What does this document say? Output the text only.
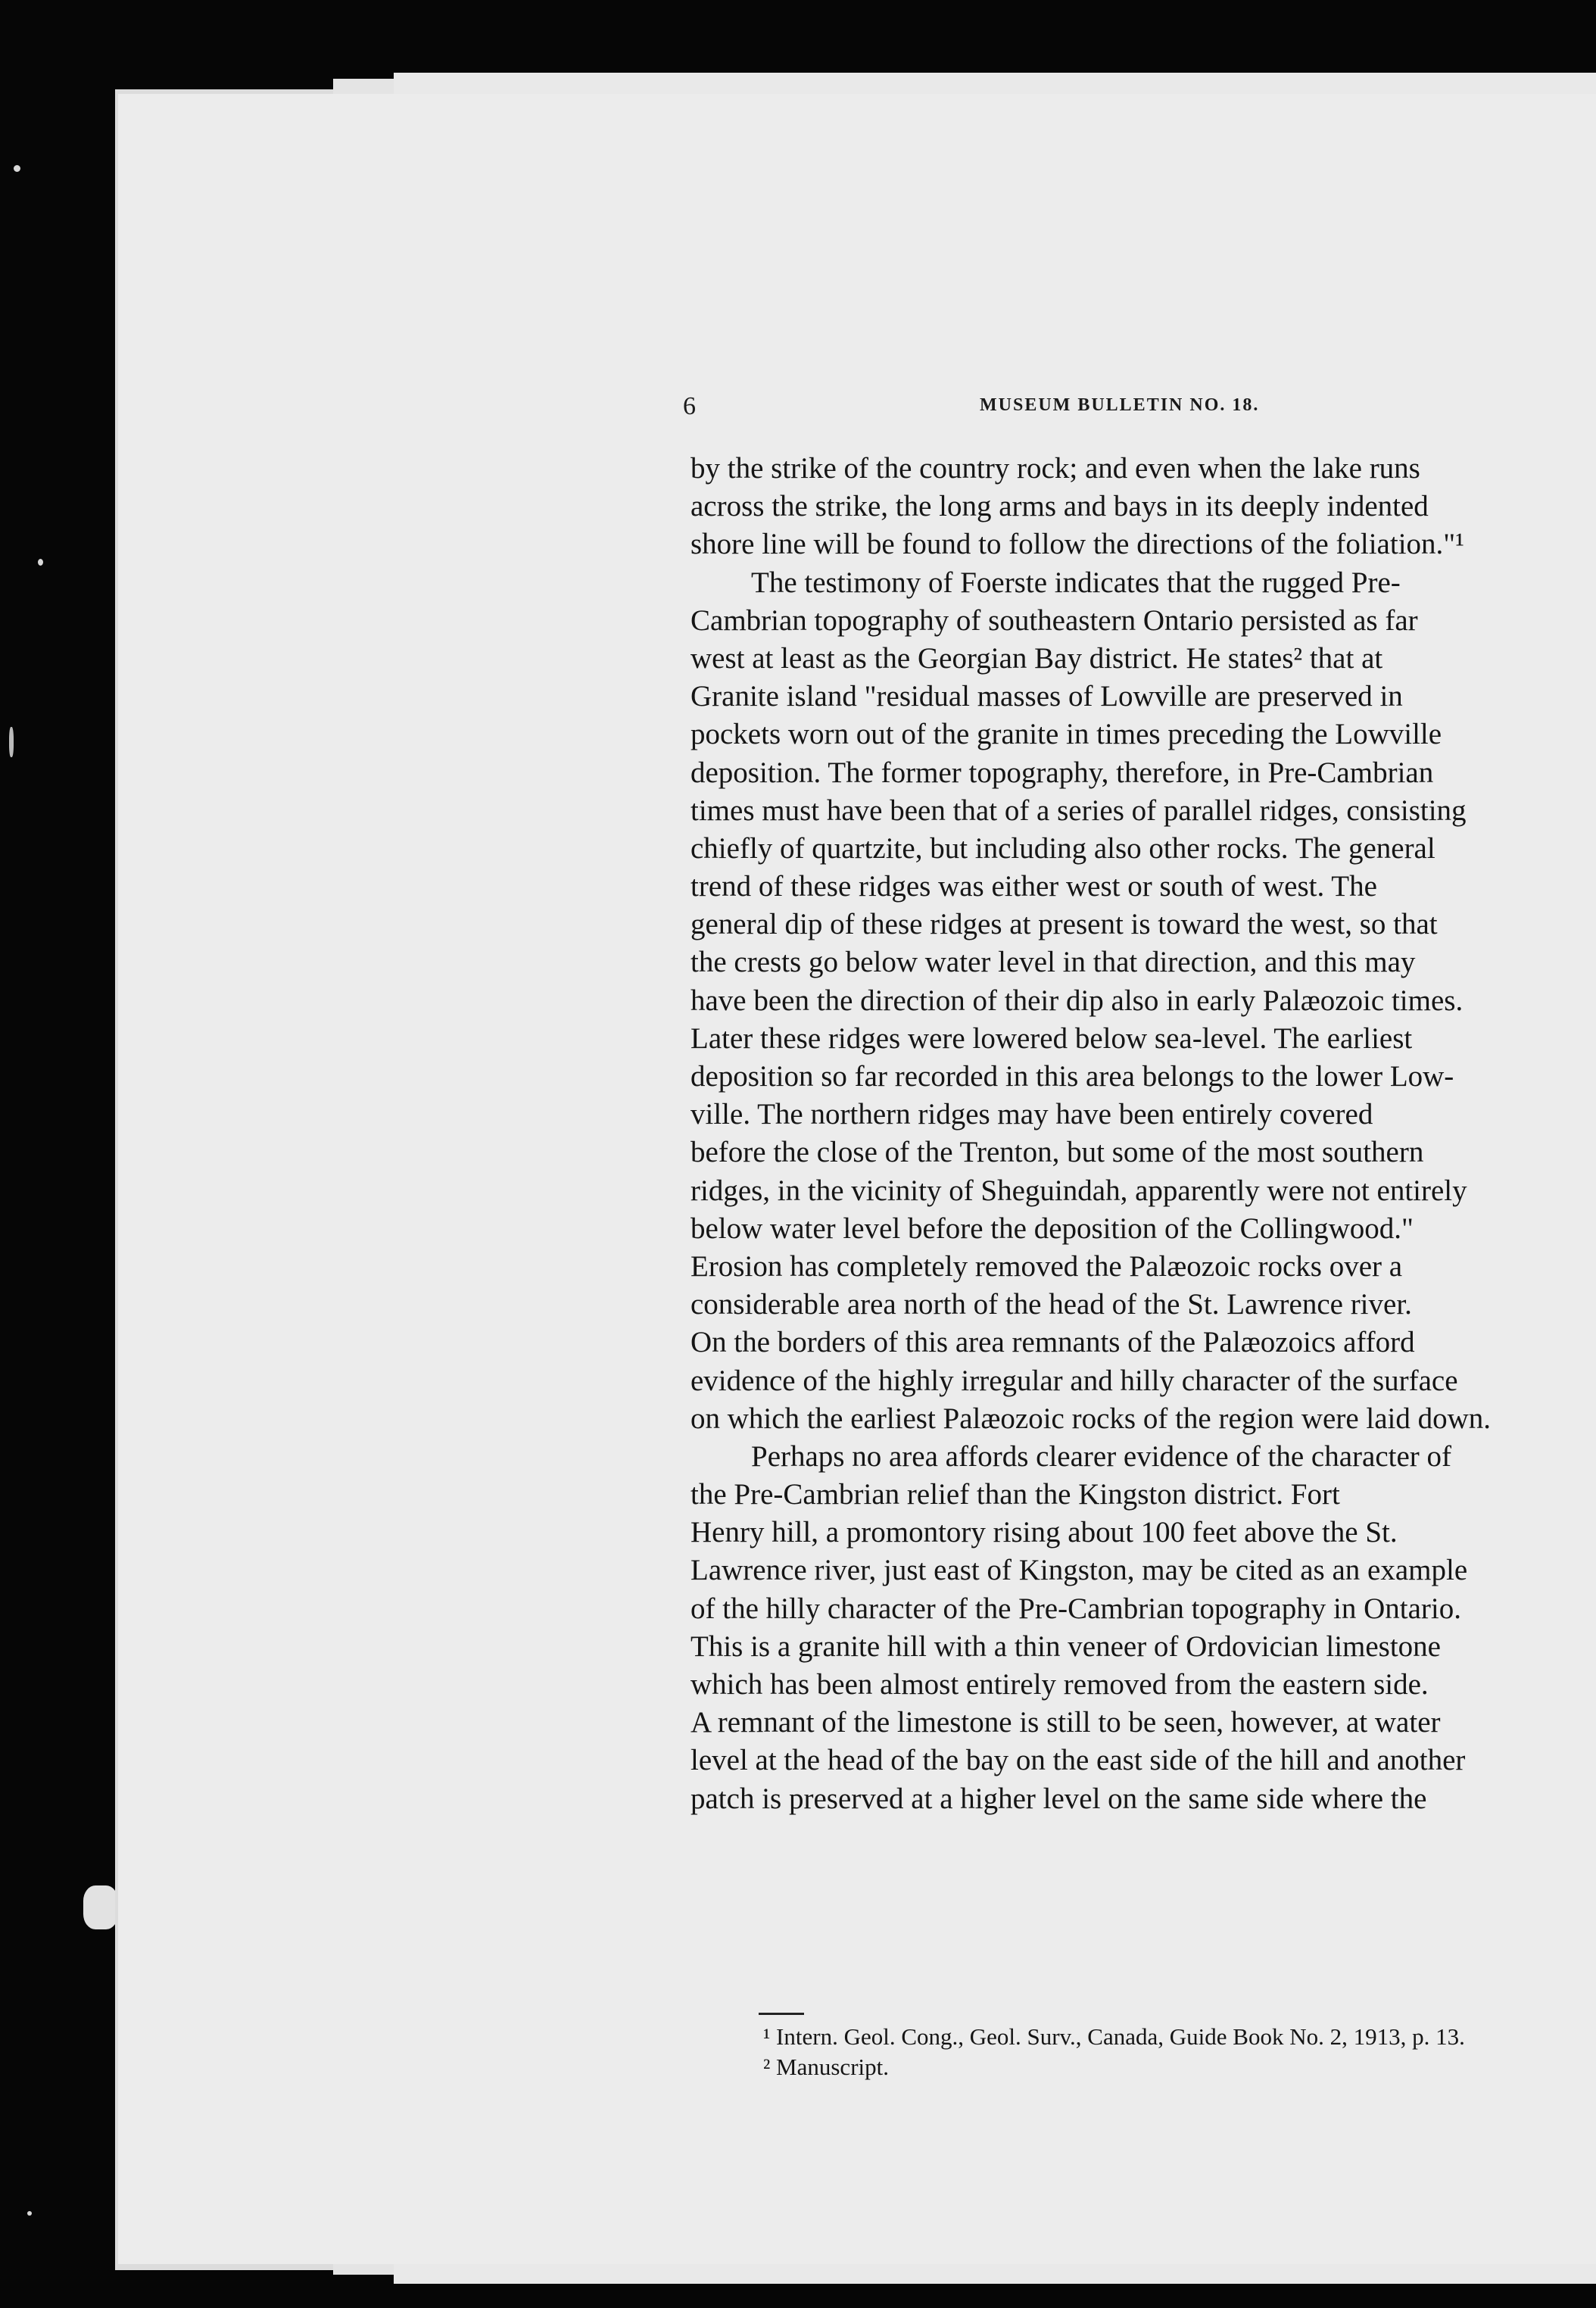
6	MUSEUM BULLETIN NO. 18.
by the strike of the country rock; and even when the lake runs
across the strike, the long arms and bays in its deeply indented
shore line will be found to follow the directions of the foliation."¹
The testimony of Foerste indicates that the rugged Pre-
Cambrian topography of southeastern Ontario persisted as far
west at least as the Georgian Bay district. He states² that at
Granite island "residual masses of Lowville are preserved in
pockets worn out of the granite in times preceding the Lowville
deposition. The former topography, therefore, in Pre-Cambrian
times must have been that of a series of parallel ridges, consisting
chiefly of quartzite, but including also other rocks. The general
trend of these ridges was either west or south of west. The
general dip of these ridges at present is toward the west, so that
the crests go below water level in that direction, and this may
have been the direction of their dip also in early Palæozoic times.
Later these ridges were lowered below sea-level. The earliest
deposition so far recorded in this area belongs to the lower Low-
ville. The northern ridges may have been entirely covered
before the close of the Trenton, but some of the most southern
ridges, in the vicinity of Sheguindah, apparently were not entirely
below water level before the deposition of the Collingwood."
Erosion has completely removed the Palæozoic rocks over a
considerable area north of the head of the St. Lawrence river.
On the borders of this area remnants of the Palæozoics afford
evidence of the highly irregular and hilly character of the surface
on which the earliest Palæozoic rocks of the region were laid down.
Perhaps no area affords clearer evidence of the character of
the Pre-Cambrian relief than the Kingston district. Fort
Henry hill, a promontory rising about 100 feet above the St.
Lawrence river, just east of Kingston, may be cited as an example
of the hilly character of the Pre-Cambrian topography in Ontario.
This is a granite hill with a thin veneer of Ordovician limestone
which has been almost entirely removed from the eastern side.
A remnant of the limestone is still to be seen, however, at water
level at the head of the bay on the east side of the hill and another
patch is preserved at a higher level on the same side where the
¹ Intern. Geol. Cong., Geol. Surv., Canada, Guide Book No. 2, 1913, p. 13.
² Manuscript.
